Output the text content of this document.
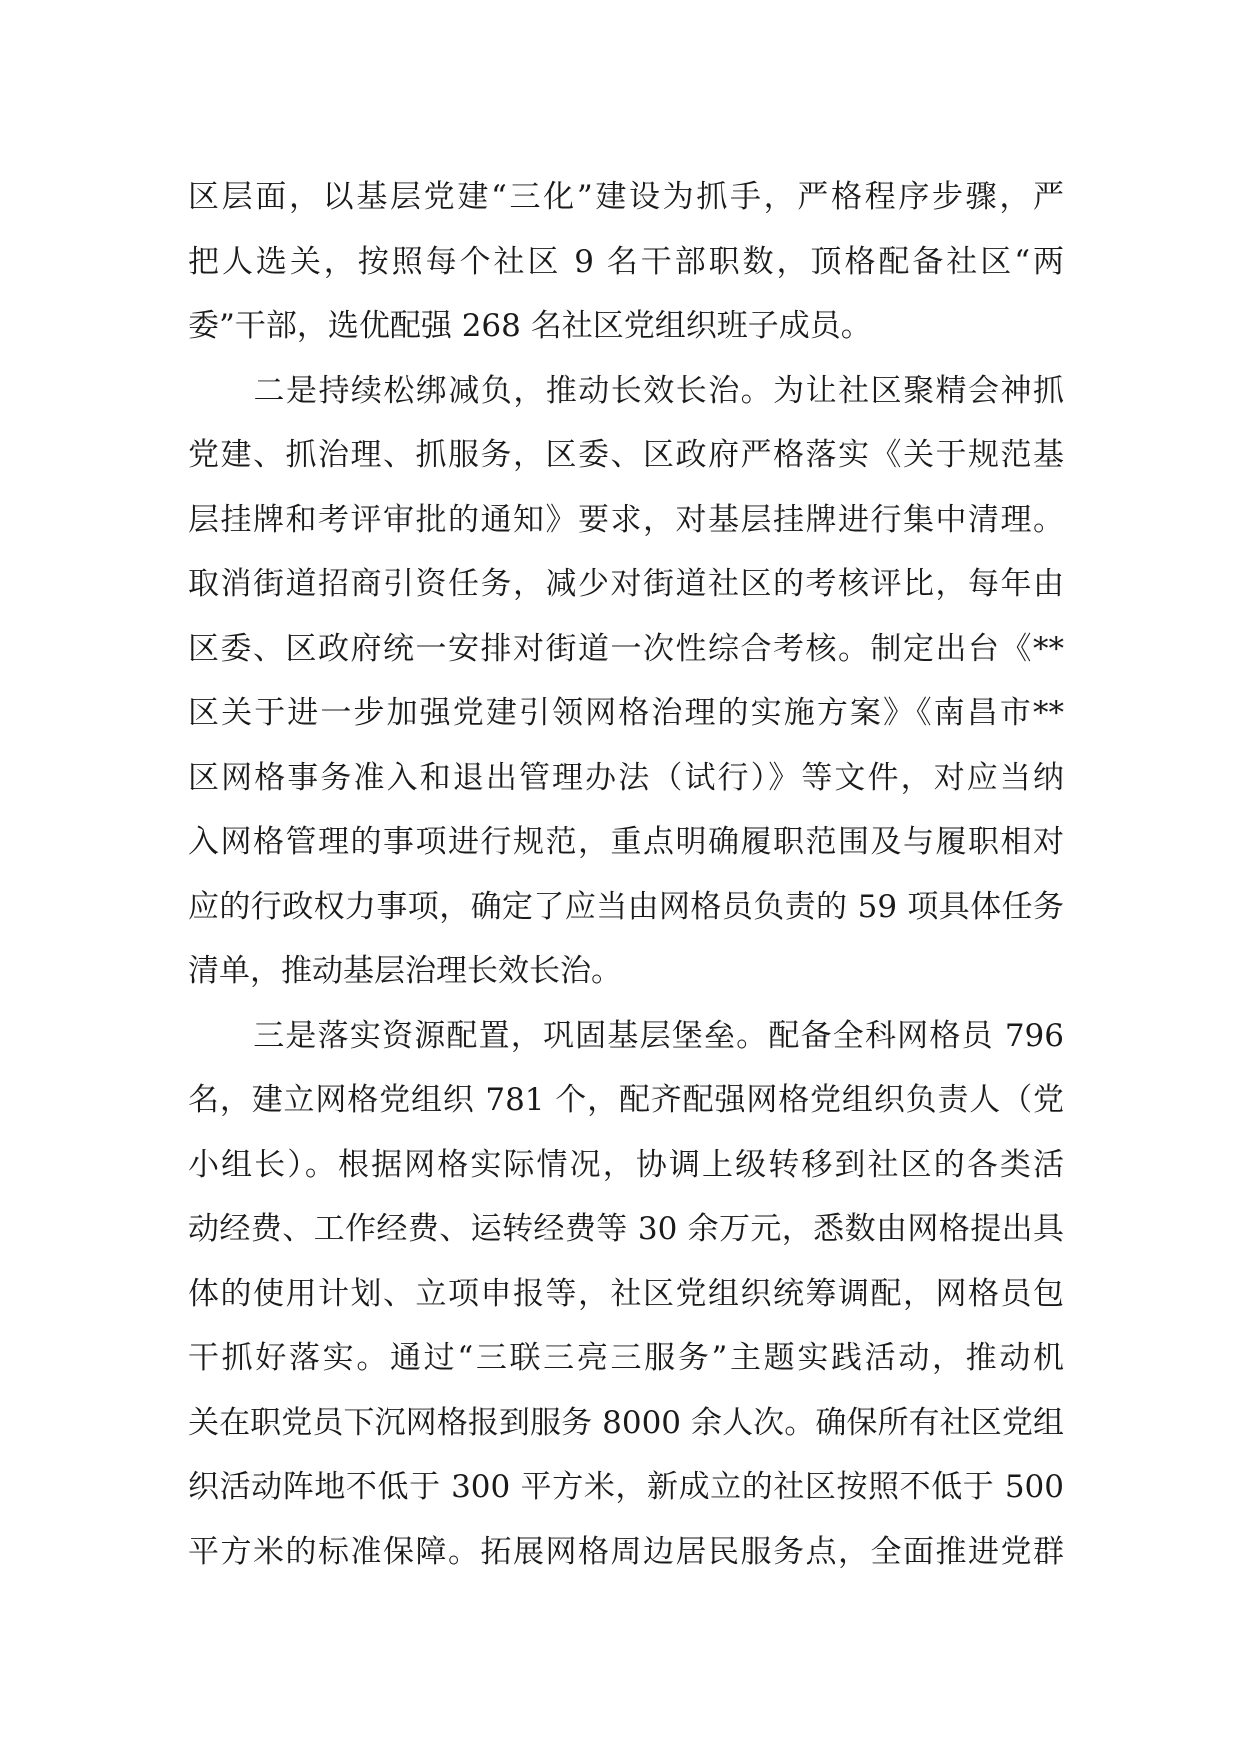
区层面，以基层党建“三化”建设为抓手，严格程序步骤，严
把人选关，按照每个社区 9 名干部职数，顶格配备社区“两
委”干部，选优配强 268 名社区党组织班子成员。
二是持续松绑减负，推动长效长治。为让社区聚精会神抓
党建、抓治理、抓服务，区委、区政府严格落实《关于规范基
层挂牌和考评审批的通知》要求，对基层挂牌进行集中清理。
取消街道招商引资任务，减少对街道社区的考核评比，每年由
区委、区政府统一安排对街道一次性综合考核。制定出台《**
区关于进一步加强党建引领网格治理的实施方案》《南昌市**
区网格事务准入和退出管理办法（试行）》等文件，对应当纳
入网格管理的事项进行规范，重点明确履职范围及与履职相对
应的行政权力事项，确定了应当由网格员负责的 59 项具体任务
清单，推动基层治理长效长治。
三是落实资源配置，巩固基层堡垒。配备全科网格员 796
名，建立网格党组织 781 个，配齐配强网格党组织负责人（党
小组长）。根据网格实际情况，协调上级转移到社区的各类活
动经费、工作经费、运转经费等 30 余万元，悉数由网格提出具
体的使用计划、立项申报等，社区党组织统筹调配，网格员包
干抓好落实。通过“三联三亮三服务”主题实践活动，推动机
关在职党员下沉网格报到服务 8000 余人次。确保所有社区党组
织活动阵地不低于 300 平方米，新成立的社区按照不低于 500
平方米的标准保障。拓展网格周边居民服务点，全面推进党群
